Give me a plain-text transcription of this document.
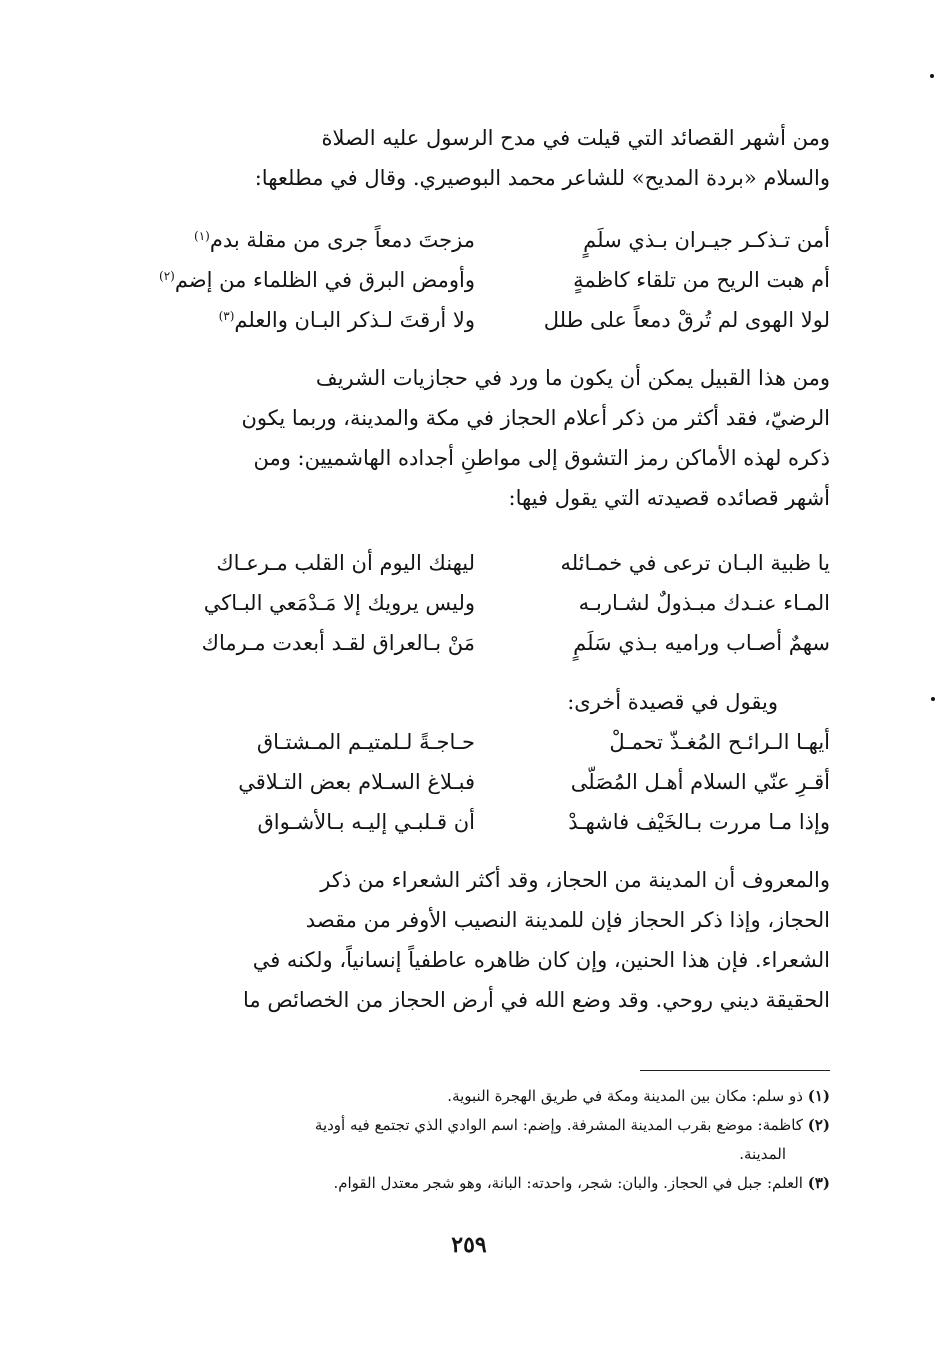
ومن أشهر القصائد التي قيلت في مدح الرسول عليه الصلاة
والسلام «بردة المديح» للشاعر محمد البوصيري. وقال في مطلعها:
أمن تـذكـر جيـران بـذي سلَمٍ
مزجتَ دمعاً جرى من مقلة بدم$^{(١)}$
أم هبت الريح من تلقاء كاظمةٍ
وأومض البرق في الظلماء من إضم$^{(٢)}$
لولا الهوى لم تُرقْ دمعاً على طلل
ولا أرقتَ لـذكر البـان والعلم$^{(٣)}$
ومن هذا القبيل يمكن أن يكون ما ورد في حجازيات الشريف
الرضيّ، فقد أكثر من ذكر أعلام الحجاز في مكة والمدينة، وربما يكون
ذكره لهذه الأماكن رمز التشوق إلى مواطنِ أجداده الهاشميين: ومن
أشهر قصائده قصيدته التي يقول فيها:
يا ظبية البـان ترعى في خمـائله
ليهنك اليوم أن القلب مـرعـاك
المـاء عنـدك مبـذولٌ لشـاربـه
وليس يرويك إلا مَـدْمَعي البـاكي
سهمٌ أصـاب وراميه بـذي سَلَمٍ
مَنْ بـالعراق لقـد أبعدت مـرماك
ويقول في قصيدة أخرى:
أيهـا الـرائـح المُغـذّ تحمـلْ
حـاجـةً لـلمتيـم المـشتـاق
أقـرِ عنّي السلام أهـل المُصَلّى
فبـلاغ السـلام بعض التـلاقي
وإذا مـا مررت بـالخَيْف فاشهـدْ
أن قـلبـي إليـه بـالأشـواق
والمعروف أن المدينة من الحجاز، وقد أكثر الشعراء من ذكر
الحجاز، وإذا ذكر الحجاز فإن للمدينة النصيب الأوفر من مقصد
الشعراء. فإن هذا الحنين، وإن كان ظاهره عاطفياً إنسانياً، ولكنه في
الحقيقة ديني روحي. وقد وضع الله في أرض الحجاز من الخصائص ما
(١) ذو سلم: مكان بين المدينة ومكة في طريق الهجرة النبوية.
(٢) كاظمة: موضع بقرب المدينة المشرفة. وإضم: اسم الوادي الذي تجتمع فيه أودية
المدينة.
(٣) العلم: جبل في الحجاز. والبان: شجر، واحدته: البانة، وهو شجر معتدل القوام.
٢٥٩
